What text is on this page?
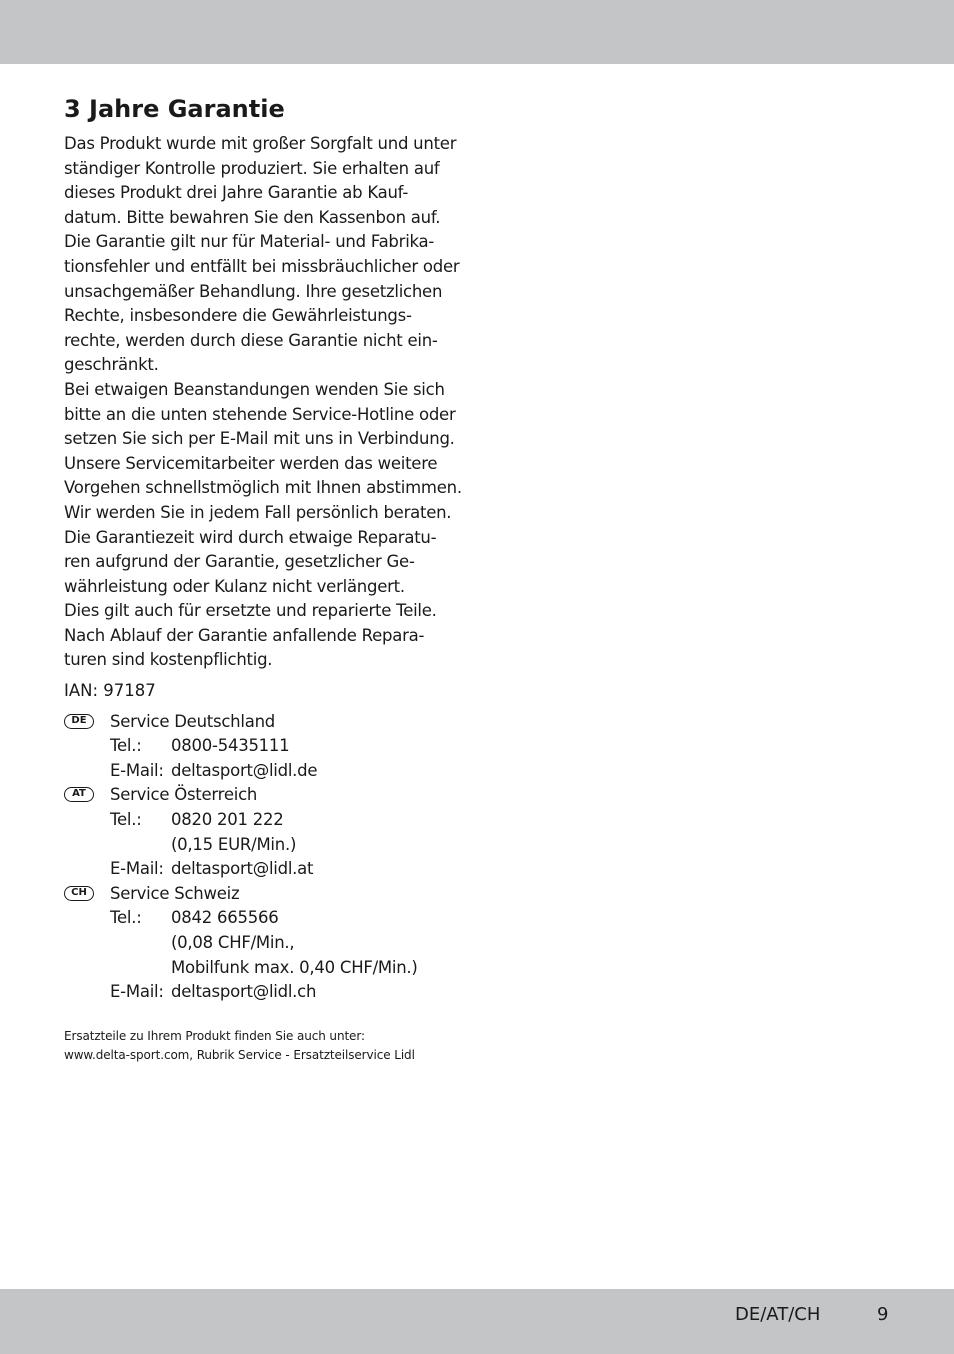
3 Jahre Garantie
Das Produkt wurde mit großer Sorgfalt und unter
ständiger Kontrolle produziert. Sie erhalten auf
dieses Produkt drei Jahre Garantie ab Kauf-
datum. Bitte bewahren Sie den Kassenbon auf.
Die Garantie gilt nur für Material- und Fabrika-
tionsfehler und entfällt bei missbräuchlicher oder
unsachgemäßer Behandlung. Ihre gesetzlichen
Rechte, insbesondere die Gewährleistungs-
rechte, werden durch diese Garantie nicht ein-
geschränkt.
Bei etwaigen Beanstandungen wenden Sie sich
bitte an die unten stehende Service-Hotline oder
setzen Sie sich per E-Mail mit uns in Verbindung.
Unsere Servicemitarbeiter werden das weitere
Vorgehen schnellstmöglich mit Ihnen abstimmen.
Wir werden Sie in jedem Fall persönlich beraten.
Die Garantiezeit wird durch etwaige Reparatu-
ren aufgrund der Garantie, gesetzlicher Ge-
währleistung oder Kulanz nicht verlängert.
Dies gilt auch für ersetzte und reparierte Teile.
Nach Ablauf der Garantie anfallende Repara-
turen sind kostenpflichtig.
IAN: 97187
DE	Service Deutschland
Tel.: 0800-5435111
E-Mail: deltasport@lidl.de
AT	Service Österreich
Tel.: 0820 201 222
(0,15 EUR/Min.)
E-Mail: deltasport@lidl.at
CH	Service Schweiz
Tel.: 0842 665566
(0,08 CHF/Min.,
Mobilfunk max. 0,40 CHF/Min.)
E-Mail: deltasport@lidl.ch
Ersatzteile zu Ihrem Produkt finden Sie auch unter:
www.delta-sport.com, Rubrik Service - Ersatzteilservice Lidl
DE/AT/CH	9
